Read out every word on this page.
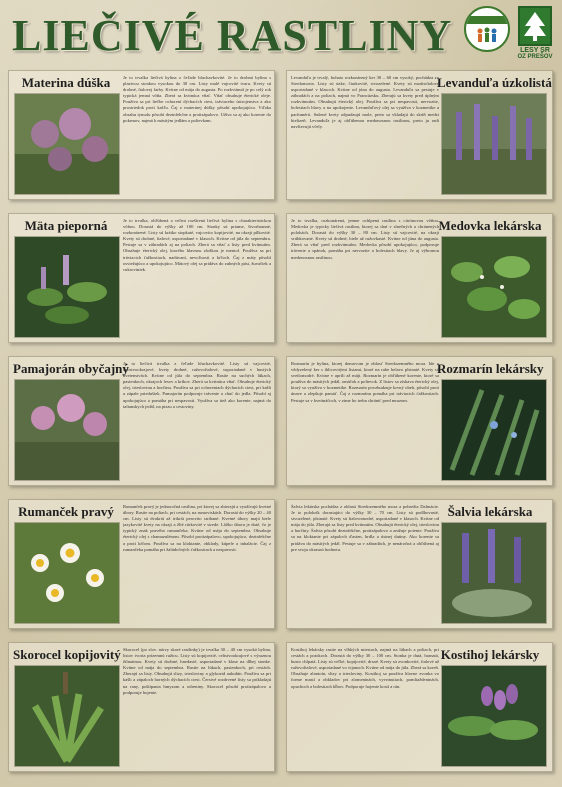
LIEČIVÉ RASTLINY	LESY SR
OZ PREŠOV
Materina dúška	Je to trvalka liečivá bylina z čeľade hluchavkovité. Je to drobná bylina s plazivou stonkou vysokou do 30 cm. Listy malé vajcovité tvaru. Kvety sú drobné, fialovej farby. Kvitne od mája do augusta. Po rozkvitnutí je po celý rok typická jemná vôňa. Zberá sa kvitnúca vňať. Vňať obsahuje éterické oleje. Používa sa pri liečbe ochorení dýchacích ciest, tráviaceho ústrojenstva a ako prostriedok proti kašľu. Čaj z materinej dúšky pôsobí upokojujúco. Vďaka obsahu tymolu pôsobí dezinfekčne a protizápalovo. Užíva sa aj ako korenie do pokrmov, najmä k mäsitým jedlám a polievkam.
Levanduľa úzkolistá
Levanduľa je trvalý, bohato rozkonárený ker 30 – 60 cm vysoký, pochádza zo Stredomoria. Listy sú úzke, čiarkovité, sivozelené. Kvety sú modrofialové usporiadané v klasoch. Kvitne od júna do augusta. Levanduľa sa pestuje v záhradách a na poliach, najmä vo Francúzsku. Zberajú sa kvety pred úplným rozkvitnutím. Obsahujú éterický olej. Používa sa pri nespavosti, nervozite, bolestiach hlavy a na upokojenie. Levanduľový olej sa využíva v kozmetike a parfumérii. Sušené kvety odpudzujú mole, preto sa vkladajú do skríň medzi bielizeň. Levanduľa je aj obľúbenou medonosnou rastlinou, preto ju radi navštevujú včely.
Mäta pieporná	Je to trvalka, obľúbená a veľmi rozšírená liečivá bylina s charakteristickou vôňou. Dorastá do výšky až 100 cm. Stonky sú priame, štvorhranné, rozkonárené. Listy sú krátko stopkaté, vajcovito kopijovité, na okraji pílkovité. Kvety sú drobné, fialové, usporiadané v klasoch. Kvitne od júla do septembra. Pestuje sa v záhradách aj na poliach. Zberá sa vňať a listy pred kvitnutím. Obsahuje éterický olej, ktorého hlavnou zložkou je mentol. Používa sa pri tráviacich ťažkostiach, nadúvaní, nevoľnosti a kŕčoch. Čaj z mäty pôsobí osviežujúco a upokojujúco. Mätový olej sa pridáva do zubných pást, žuvačiek a cukroviniek.
Medovka lekárska
Je to trvalka, rozkonárená, jemne ochlpená rastlina s citrónovou vôňou. Medovka je typicky liečivá rastlina, ktorej sa darí v slnečných a chránených polohách. Dorastá do výšky 30 – 80 cm. Listy sú vajcovité, na okraji vrúbkované. Kvety sú drobné, biele až ružovkasté. Kvitne od júna do augusta. Zberá sa vňať pred rozkvitnutím. Medovka pôsobí upokojujúco, podporuje trávenie a spánok, pomáha pri nervozite a bolestiach hlavy. Je aj výbornou medonosnou rastlinou.
Pamajorán obyčajný
Je to liečivá trvalka z čeľade hluchavkovité. Listy sú vajcovité, celistvookrajové, kvety drobné, ružovofialové, usporiadané v hustých kvetenstvách. Kvitne od júla do septembra. Rastie na suchých lúkach, pasienkoch, okrajoch lesov a kríkov. Zberá sa kvitnúca vňať. Obsahuje éterický olej, trieslovinu a horčinu. Používa sa pri ochoreniach dýchacích ciest, pri kašli a zápale priedušiek. Pamajorán podporuje trávenie a chuť do jedla. Pôsobí aj upokojujúco a pomáha pri nespavosti. Využíva sa tiež ako korenie, najmä do talianskych jedál, na pizzu a cestoviny.
Rozmarín lekársky
Rozmarín je bylina, ktorej domovom je oblasť Stredozemného mora. Ide o vždyzelený ker s ihlicovitými listami, ktoré na rube belavo plstnaté. Kvety sú svetlomodré. Kvitne v apríli až máji. Rozmarín je obľúbené korenie, ktoré sa používa do mäsitých jedál, omáčok a polievok. Z listov sa získava éterický olej, ktorý sa využíva v kozmetike. Rozmarín povzbudzuje krvný obeh, pôsobí proti únave a zlepšuje pamäť. Čaj z rozmarínu pomáha pri tráviacich ťažkostiach. Pestuje sa v kvetináčoch, v zime ho treba chrániť pred mrazom.
Rumanček pravý	Rumanček pravý je jednoročná rastlina, pri ktorej sa zbierajú a využívajú kvetné úbory. Rastie na poliach, pri cestách, na rumoviskách. Dorastá do výšky 20 – 40 cm. Listy sú dvakrát až trikrát perovito strihané. Kvetné úbory majú biele jazykovité kvety na okraji a žlté rúrkovité v strede. Lôžko úboru je duté, čo je typický znak pravého rumančeka. Kvitne od mája do septembra. Obsahuje éterický olej s chamazulénom. Pôsobí protizápalovo, upokojujúco, dezinfekčne a proti kŕčom. Používa sa na kloktanie, obklady, kúpele a inhalácie. Čaj z rumančeka pomáha pri žalúdočných ťažkostiach a nespavosti.
Šalvia lekárska
Šalvia lekárska pochádza z oblasti Stredozemného mora a pobrežia Dalmácie. Je to polokrík dorastajúci do výšky 30 – 70 cm. Listy sú podlhovasté, sivozelené, plstnaté. Kvety sú fialovomodré, usporiadané v klasoch. Kvitne od mája do júla. Zberajú sa listy pred kvitnutím. Obsahujú éterický olej, trieslovinu a horčiny. Šalvia pôsobí dezinfekčne, protizápalovo a znižuje potenie. Používa sa na kloktanie pri zápaloch ďasien, hrdla a ústnej dutiny. Ako korenie sa pridáva do mäsitých jedál. Pestuje sa v záhradách, je nenáročná a obľúbená aj pre svoju okrasnú hodnotu.
Skorocel kopijovitý Skorocel (po slov. nárvy skoré rastlinky) je trvalka 30 – 40 cm vysoká bylina, listov tvoria prízemnú ružicu. Listy sú kopijovité, celistvookrajové s výraznou žilnatinou. Kvety sú drobné, hnedasté, usporiadané v klase na dlhej stonke. Kvitne od mája do septembra. Rastie na lúkach, pasienkoch, pri cestách. Zberajú sa listy. Obsahujú slizy, triesloviny a glykozid aukubín. Používa sa pri kašli a zápaloch horných dýchacích ciest. Čerstvé rozdrvené listy sa prikladajú na rany, poštípania hmyzom a odreniny. Skorocel pôsobí protizápalovo a podporuje hojenie.
Kostihoj lekársky
Kostihoj lekársky rastie na vlhkých miestach, najmä na lúkach a poliach, pri cestách a potokoch. Dorastá do výšky 30 – 100 cm. Stonka je dutá, hranatá, husto chlpatá. Listy sú veľké, kopijovité, drsné. Kvety sú zvonkovité, fialové až ružovofialové, usporiadané vo vijanoch. Kvitne od mája do júla. Zberá sa koreň. Obsahuje alantoín, slizy a triesloviny. Kostihoj sa používa hlavne zvonka vo forme mastí a obkladov pri zlomeninách, vyvrtnutiach, pomliaždeninách, opuchoch a bolestiach kĺbov. Podporuje hojenie kostí a rán.
